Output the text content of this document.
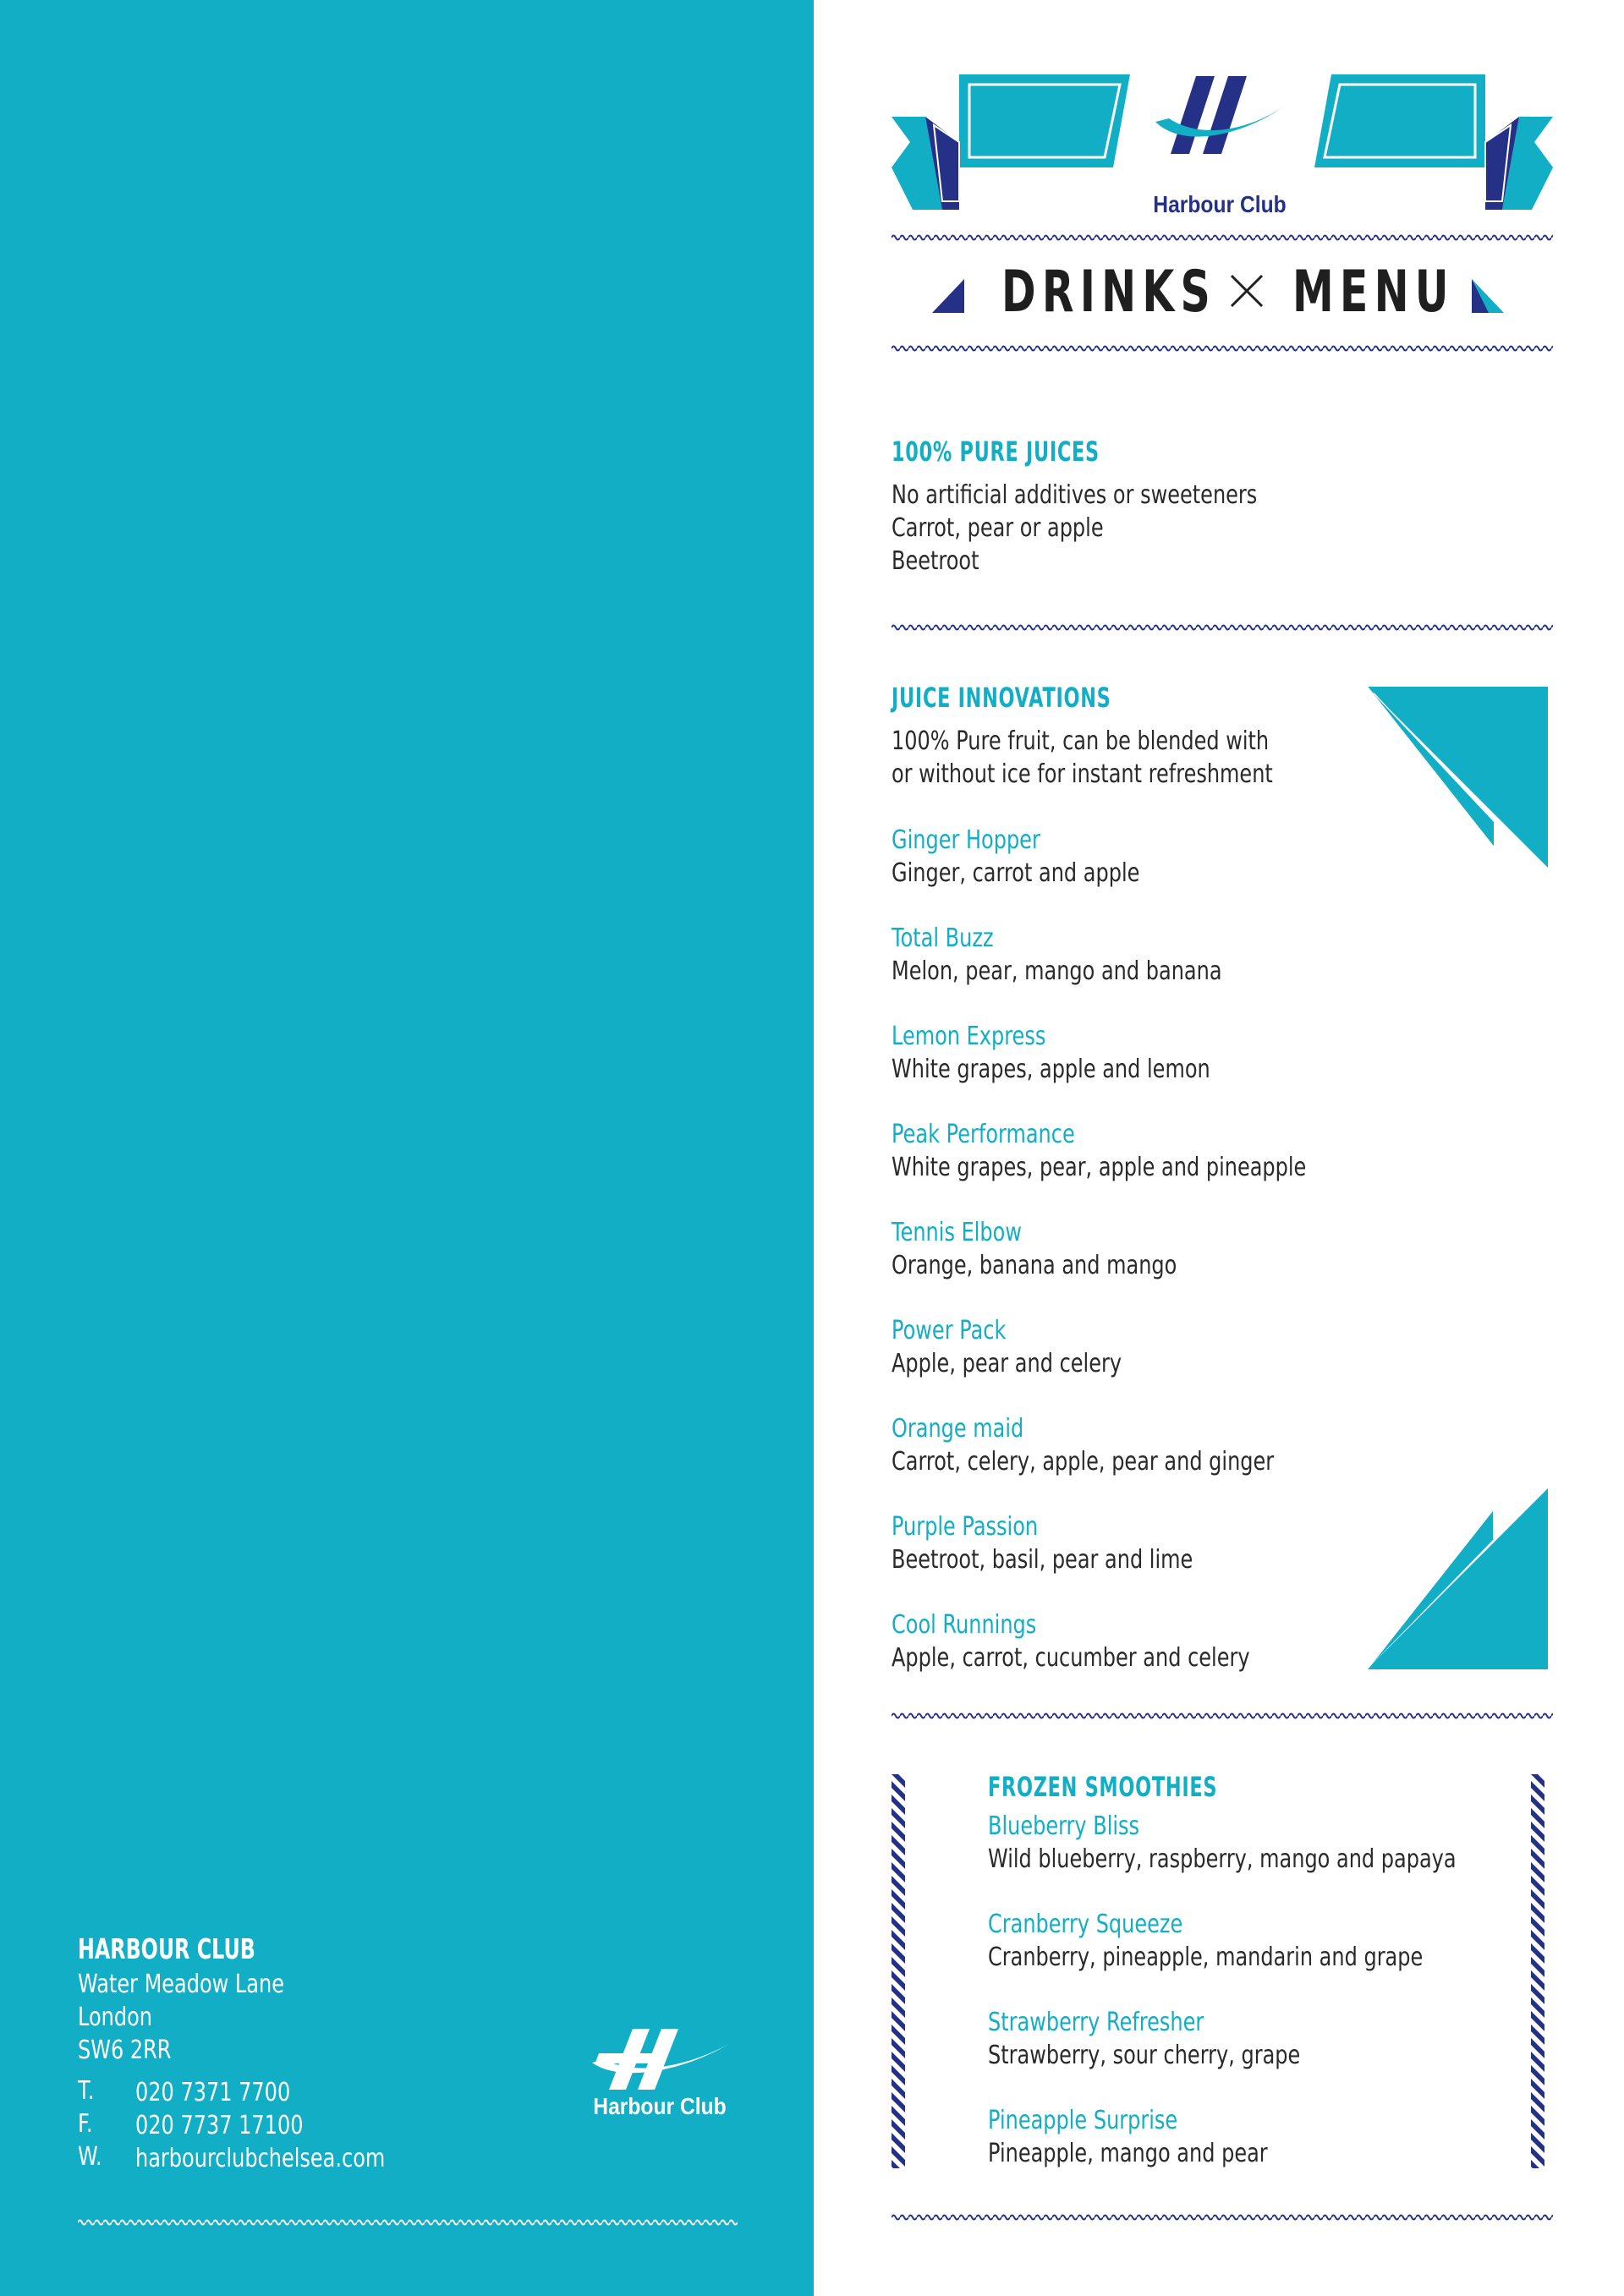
HARBOUR CLUB
Water Meadow Lane
London
SW6 2RR
T. 020 7371 7700
F. 020 7737 17100
W. harbourclubchelsea.com
Harbour Club
Harbour Club
DRINKS MENU
100% PURE JUICES
No artificial additives or sweeteners
Carrot, pear or apple
Beetroot
JUICE INNOVATIONS
100% Pure fruit, can be blended with
or without ice for instant refreshment
Ginger Hopper
Ginger, carrot and apple
Total Buzz
Melon, pear, mango and banana
Lemon Express
White grapes, apple and lemon
Peak Performance
White grapes, pear, apple and pineapple
Tennis Elbow
Orange, banana and mango
Power Pack
Apple, pear and celery
Orange maid
Carrot, celery, apple, pear and ginger
Purple Passion
Beetroot, basil, pear and lime
Cool Runnings
Apple, carrot, cucumber and celery
FROZEN SMOOTHIES
Blueberry Bliss
Wild blueberry, raspberry, mango and papaya
Cranberry Squeeze
Cranberry, pineapple, mandarin and grape
Strawberry Refresher
Strawberry, sour cherry, grape
Pineapple Surprise
Pineapple, mango and pear
